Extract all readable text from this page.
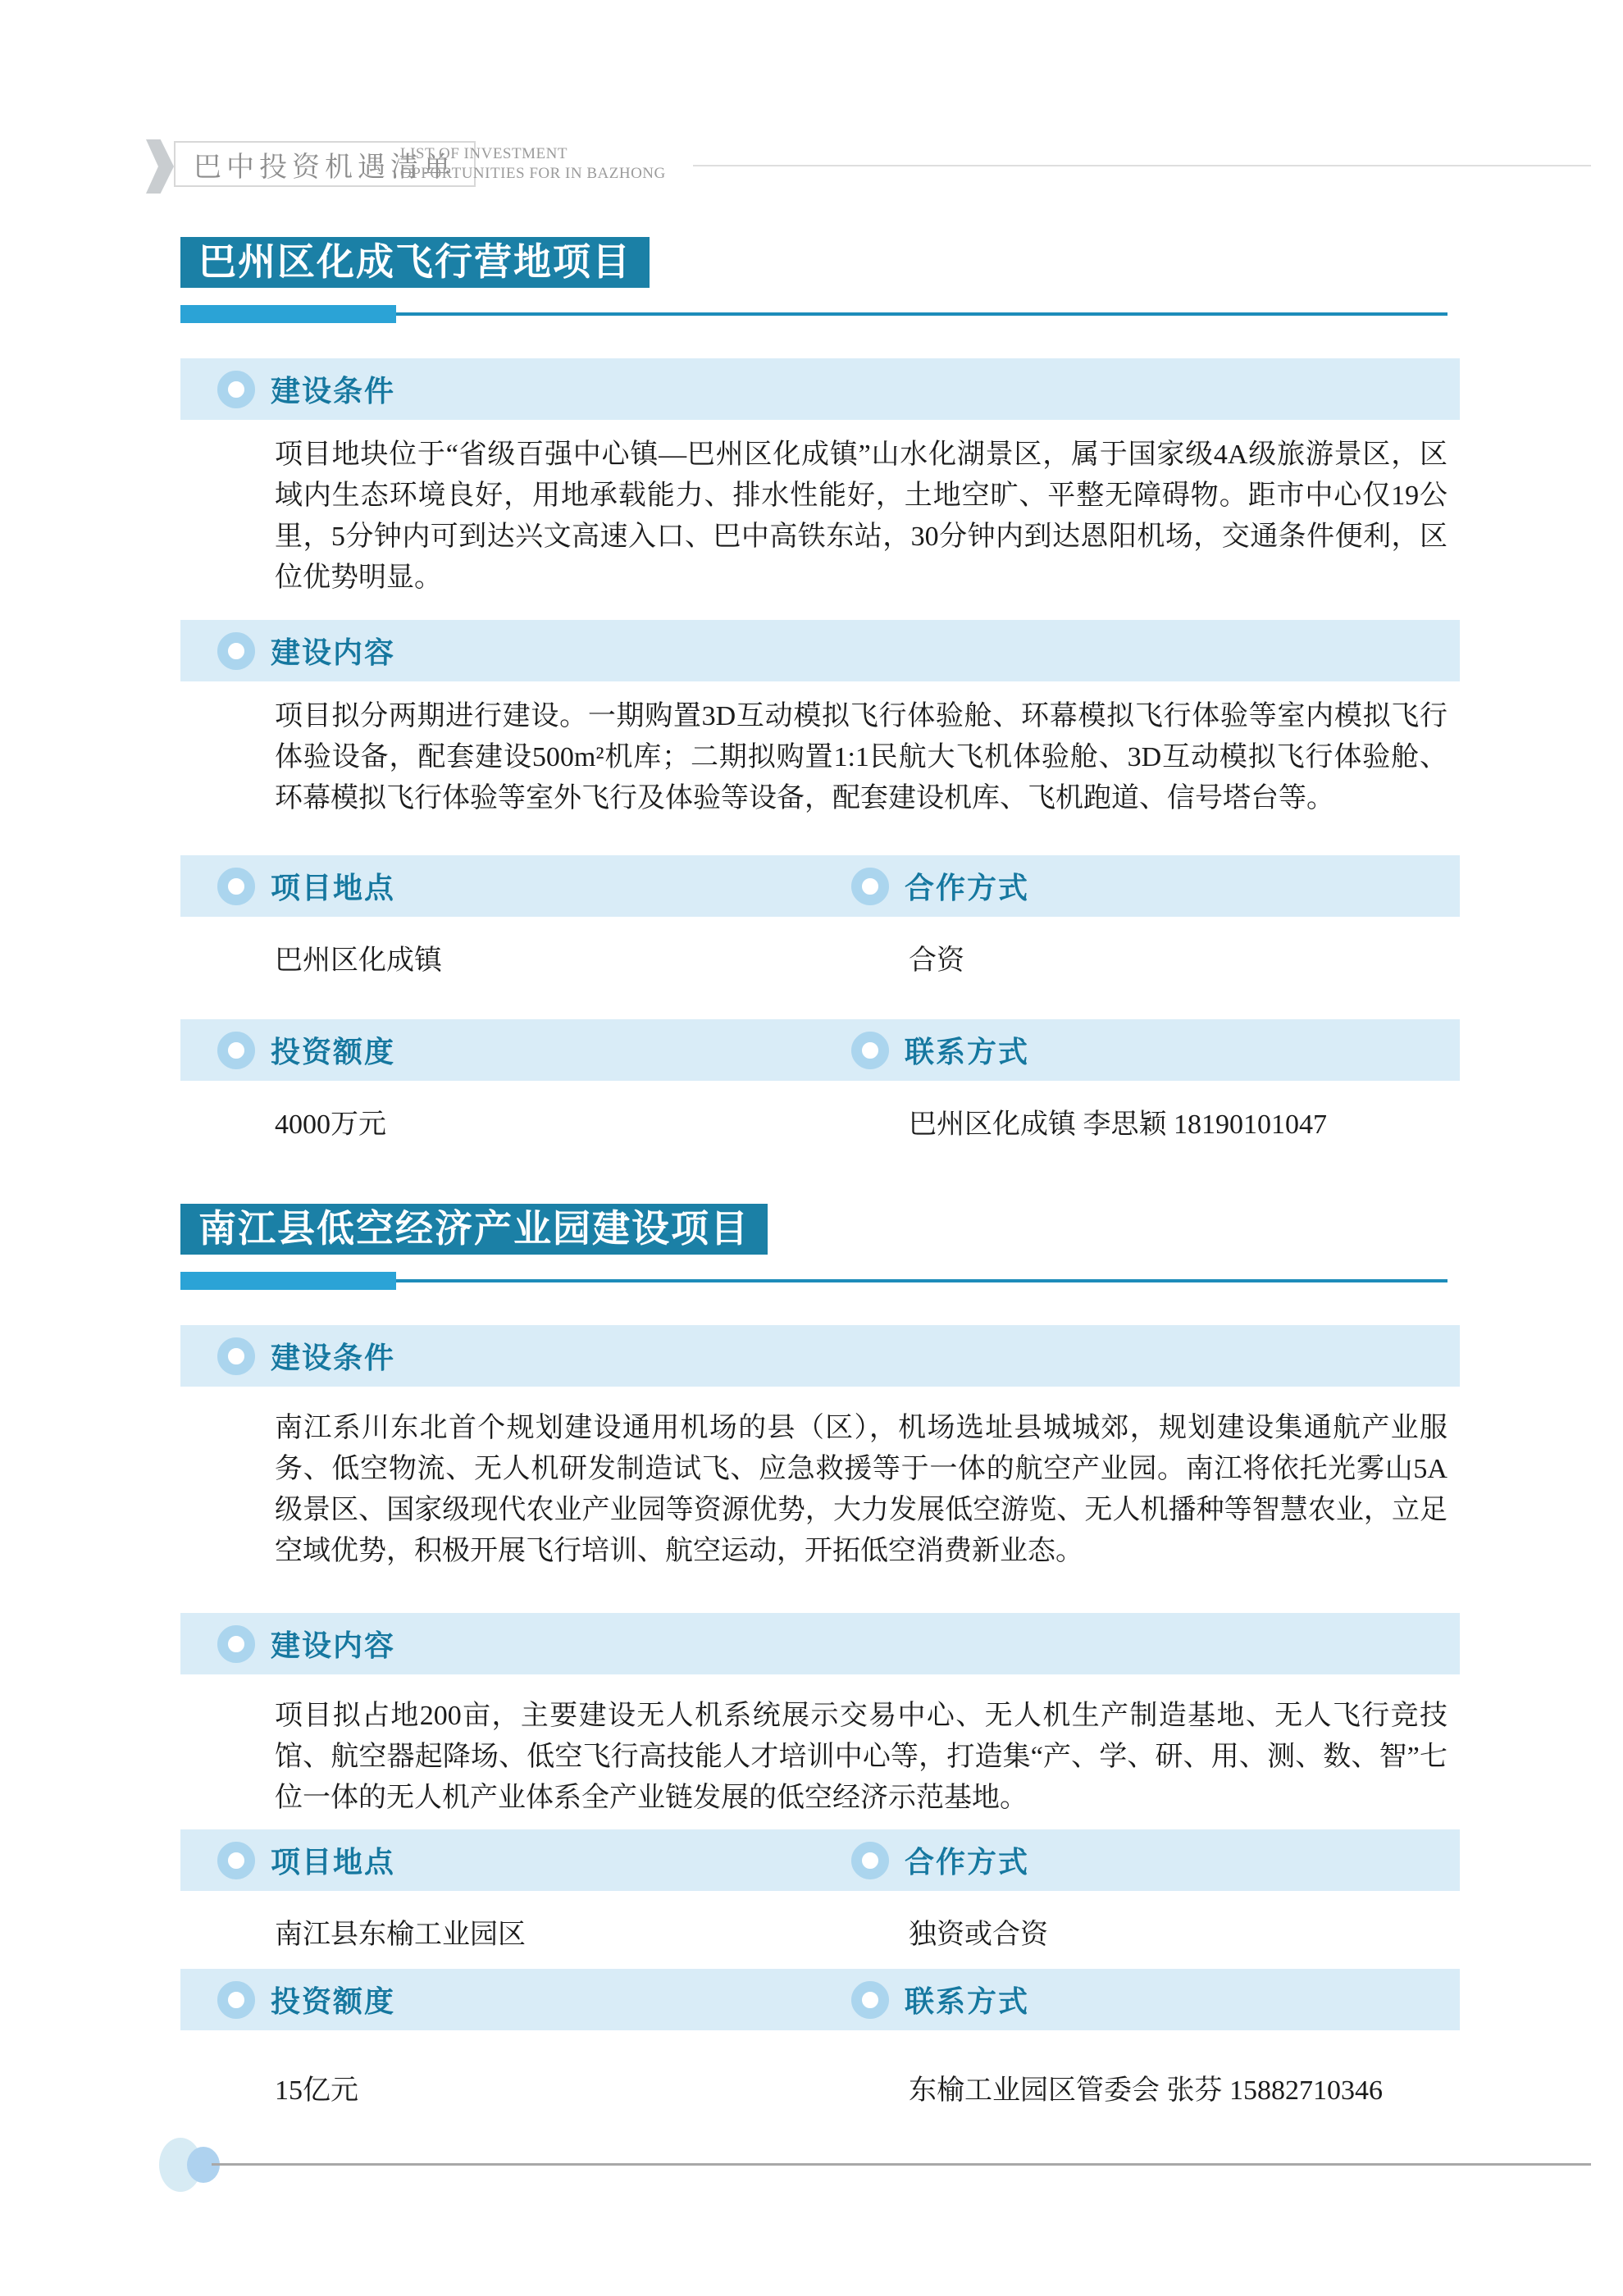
巴中投资机遇清单
LIST OF INVESTMENT
OPPORTUNITIES FOR IN BAZHONG
巴州区化成飞行营地项目
建设条件

项目地块位于“省级百强中心镇—巴州区化成镇”山水化湖景区，属于国家级4A级旅游景区，区域内生态环境良好，用地承载能力、排水性能好，土地空旷、平整无障碍物。距市中心仅19公里，5分钟内可到达兴文高速入口、巴中高铁东站，30分钟内到达恩阳机场，交通条件便利，区位优势明显。

建设内容

项目拟分两期进行建设。一期购置3D互动模拟飞行体验舱、环幕模拟飞行体验等室内模拟飞行体验设备，配套建设500m²机库；二期拟购置1:1民航大飞机体验舱、3D互动模拟飞行体验舱、环幕模拟飞行体验等室外飞行及体验等设备，配套建设机库、飞机跑道、信号塔台等。

项目地点	合作方式
巴州区化成镇	合资
投资额度	联系方式
4000万元	巴州区化成镇 李思颖 18190101047
南江县低空经济产业园建设项目
建设条件

南江系川东北首个规划建设通用机场的县（区），机场选址县城城郊，规划建设集通航产业服务、低空物流、无人机研发制造试飞、应急救援等于一体的航空产业园。南江将依托光雾山5A级景区、国家级现代农业产业园等资源优势，大力发展低空游览、无人机播种等智慧农业，立足空域优势，积极开展飞行培训、航空运动，开拓低空消费新业态。

建设内容

项目拟占地200亩，主要建设无人机系统展示交易中心、无人机生产制造基地、无人飞行竞技馆、航空器起降场、低空飞行高技能人才培训中心等，打造集“产、学、研、用、测、数、智”七位一体的无人机产业体系全产业链发展的低空经济示范基地。

项目地点	合作方式
南江县东榆工业园区	独资或合资
投资额度	联系方式
15亿元	东榆工业园区管委会 张芬 15882710346
